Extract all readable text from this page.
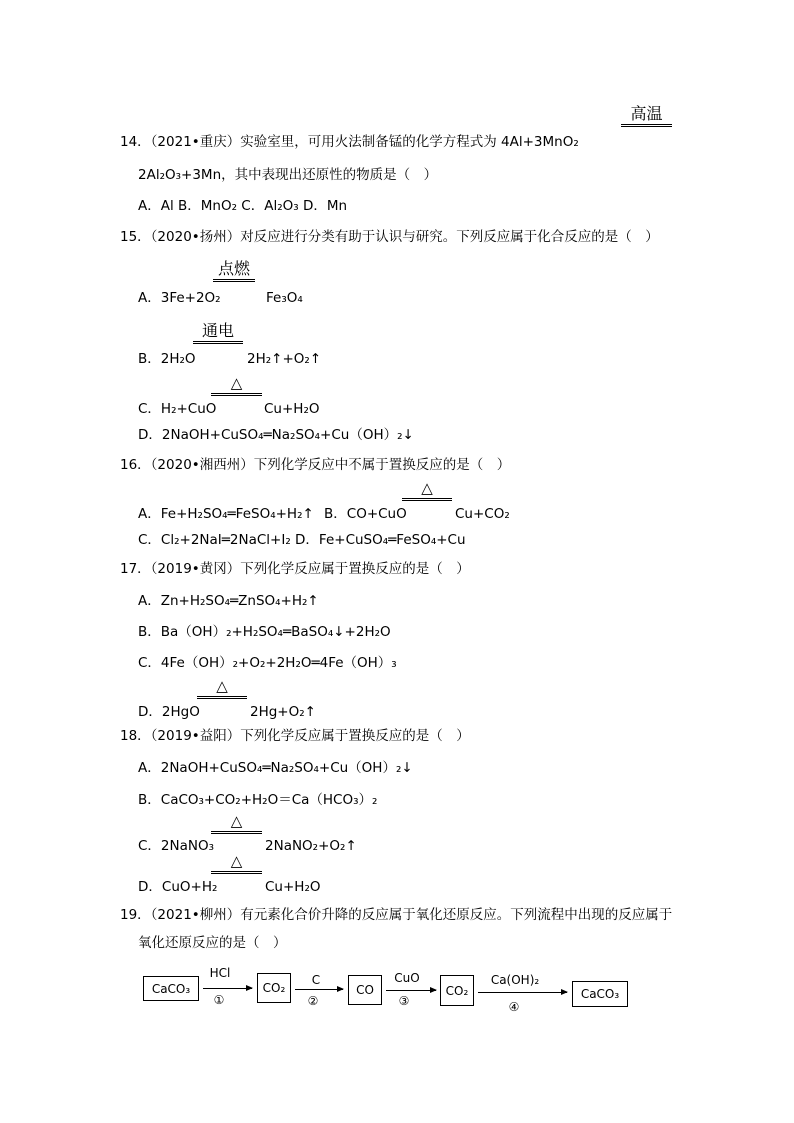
高温
14．（2021•重庆）实验室里，可用火法制备锰的化学方程式为 4Al+3MnO₂
2Al₂O₃+3Mn，其中表现出还原性的物质是（　）
A．Al B．MnO₂ C．Al₂O₃ D．Mn
15．（2020•扬州）对反应进行分类有助于认识与研究。下列反应属于化合反应的是（　）
点燃
A．3Fe+2O₂	Fe₃O₄
通电
B．2H₂O	2H₂↑+O₂↑
△
C．H₂+CuO	Cu+H₂O
D．2NaOH+CuSO₄═Na₂SO₄+Cu（OH）₂↓
16．（2020•湘西州）下列化学反应中不属于置换反应的是（　）
△
A．Fe+H₂SO₄═FeSO₄+H₂↑ B．CO+CuO	Cu+CO₂
C．Cl₂+2NaI═2NaCl+I₂ D．Fe+CuSO₄═FeSO₄+Cu
17．（2019•黄冈）下列化学反应属于置换反应的是（　）
A．Zn+H₂SO₄═ZnSO₄+H₂↑
B．Ba（OH）₂+H₂SO₄═BaSO₄↓+2H₂O
C．4Fe（OH）₂+O₂+2H₂O═4Fe（OH）₃
△
D．2HgO	2Hg+O₂↑
18．（2019•益阳）下列化学反应属于置换反应的是（　）
A．2NaOH+CuSO₄═Na₂SO₄+Cu（OH）₂↓
B．CaCO₃+CO₂+H₂O＝Ca（HCO₃）₂
△
C．2NaNO₃	2NaNO₂+O₂↑
△
D．CuO+H₂	Cu+H₂O
19．（2021•柳州）有元素化合价升降的反应属于氧化还原反应。下列流程中出现的反应属于
氧化还原反应的是（　）
CaCO₃
HCl
①
CO₂
C
②
CO
CuO
③
CO₂
Ca(OH)₂
④
CaCO₃
